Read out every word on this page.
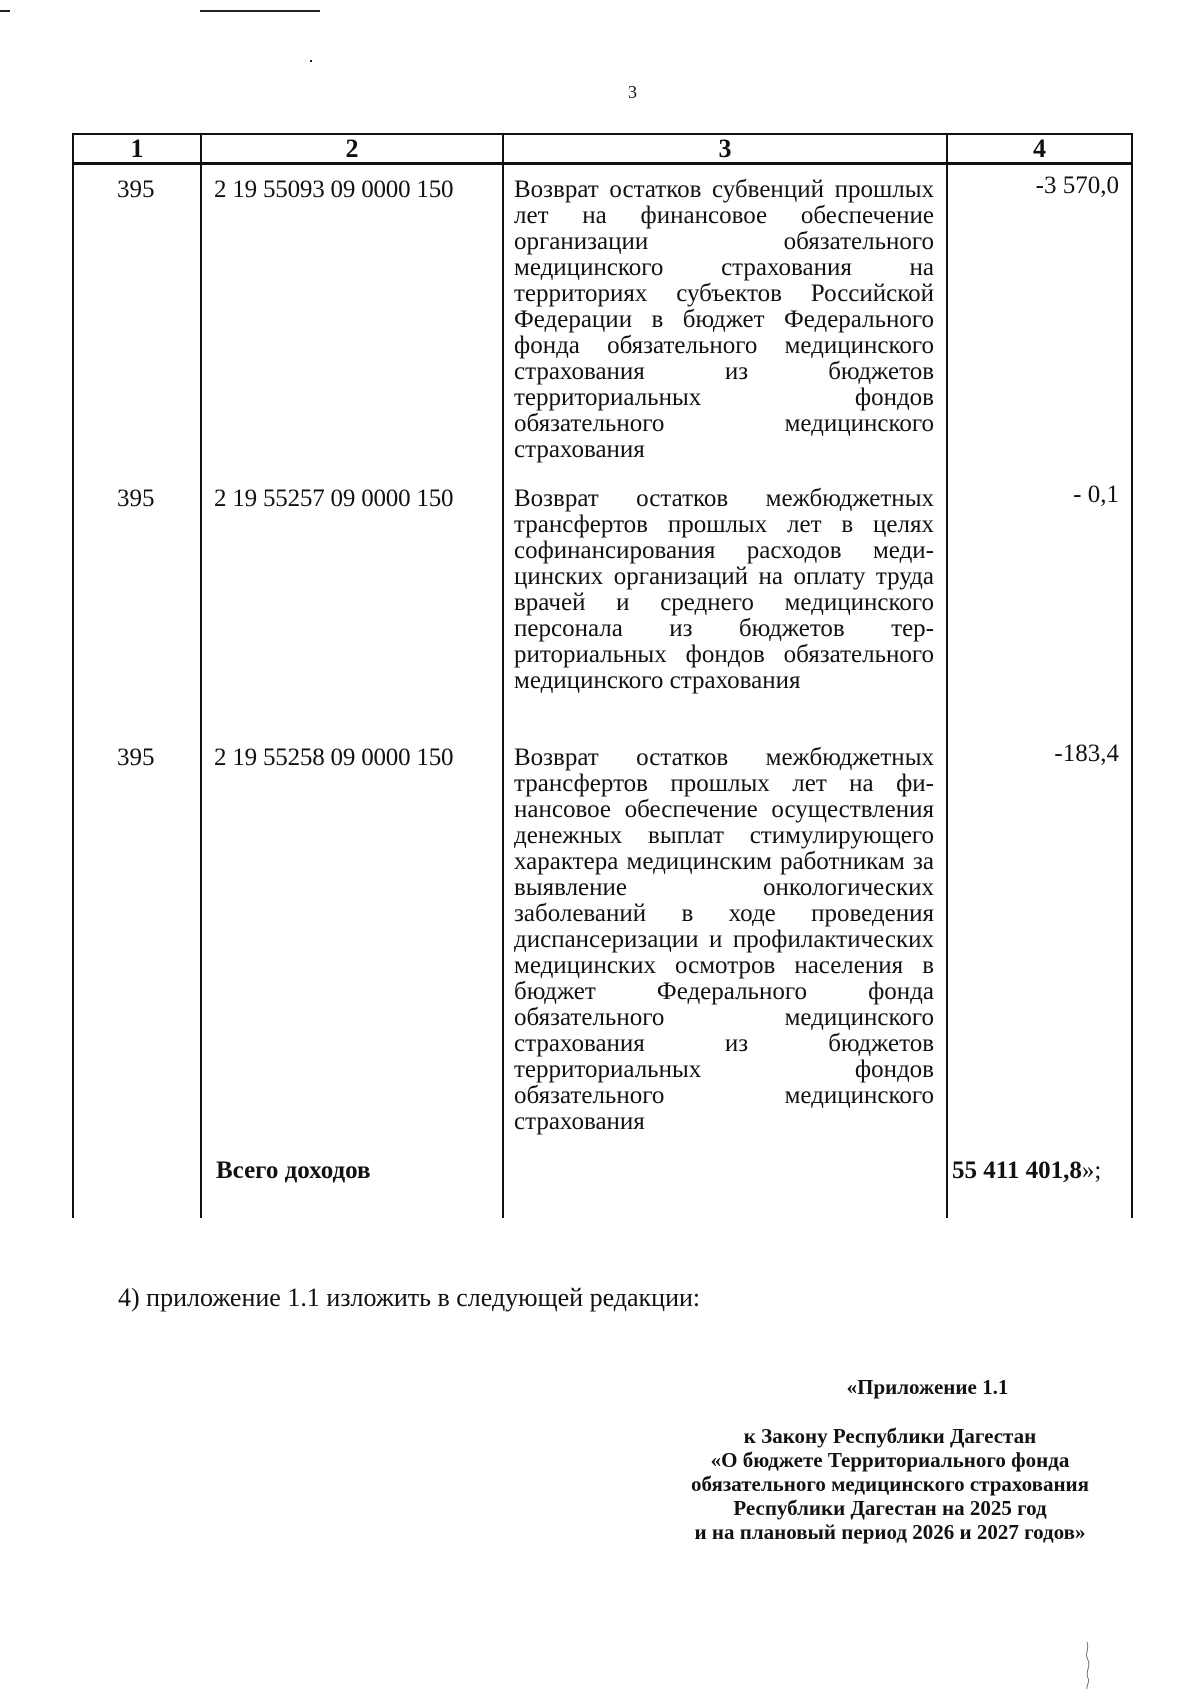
3
1	2	3	4
395	2 19 55093 09 0000 150	Возврат остатков субвенций прошлых лет на финансовое обеспечение организации обязательного медицинского страхования на территориях субъектов Российской Федерации в бюджет Федерального фонда обязательного медицинского страхования из бюджетов территориальных фондов обязательного медицинского страхования	-3 570,0
395	2 19 55257 09 0000 150	Возврат остатков межбюджетных трансфертов прошлых лет в целях софинансирования расходов медицинских организаций на оплату труда врачей и среднего медицинского персонала из бюджетов территориальных фондов обязательного медицинского страхования	- 0,1
395	2 19 55258 09 0000 150	Возврат остатков межбюджетных трансфертов прошлых лет на финансовое обеспечение осуществления денежных выплат стимулирующего характера медицинским работникам за выявление онкологических заболеваний в ходе проведения диспансеризации и профилактических медицинских осмотров населения в бюджет Федерального фонда обязательного медицинского страхования из бюджетов территориальных фондов обязательного медицинского страхования	-183,4
	Всего доходов		55 411 401,8»;
4) приложение 1.1 изложить в следующей редакции:
«Приложение 1.1
к Закону Республики Дагестан
«О бюджете Территориального фонда
обязательного медицинского страхования
Республики Дагестан на 2025 год
и на плановый период 2026 и 2027 годов»
